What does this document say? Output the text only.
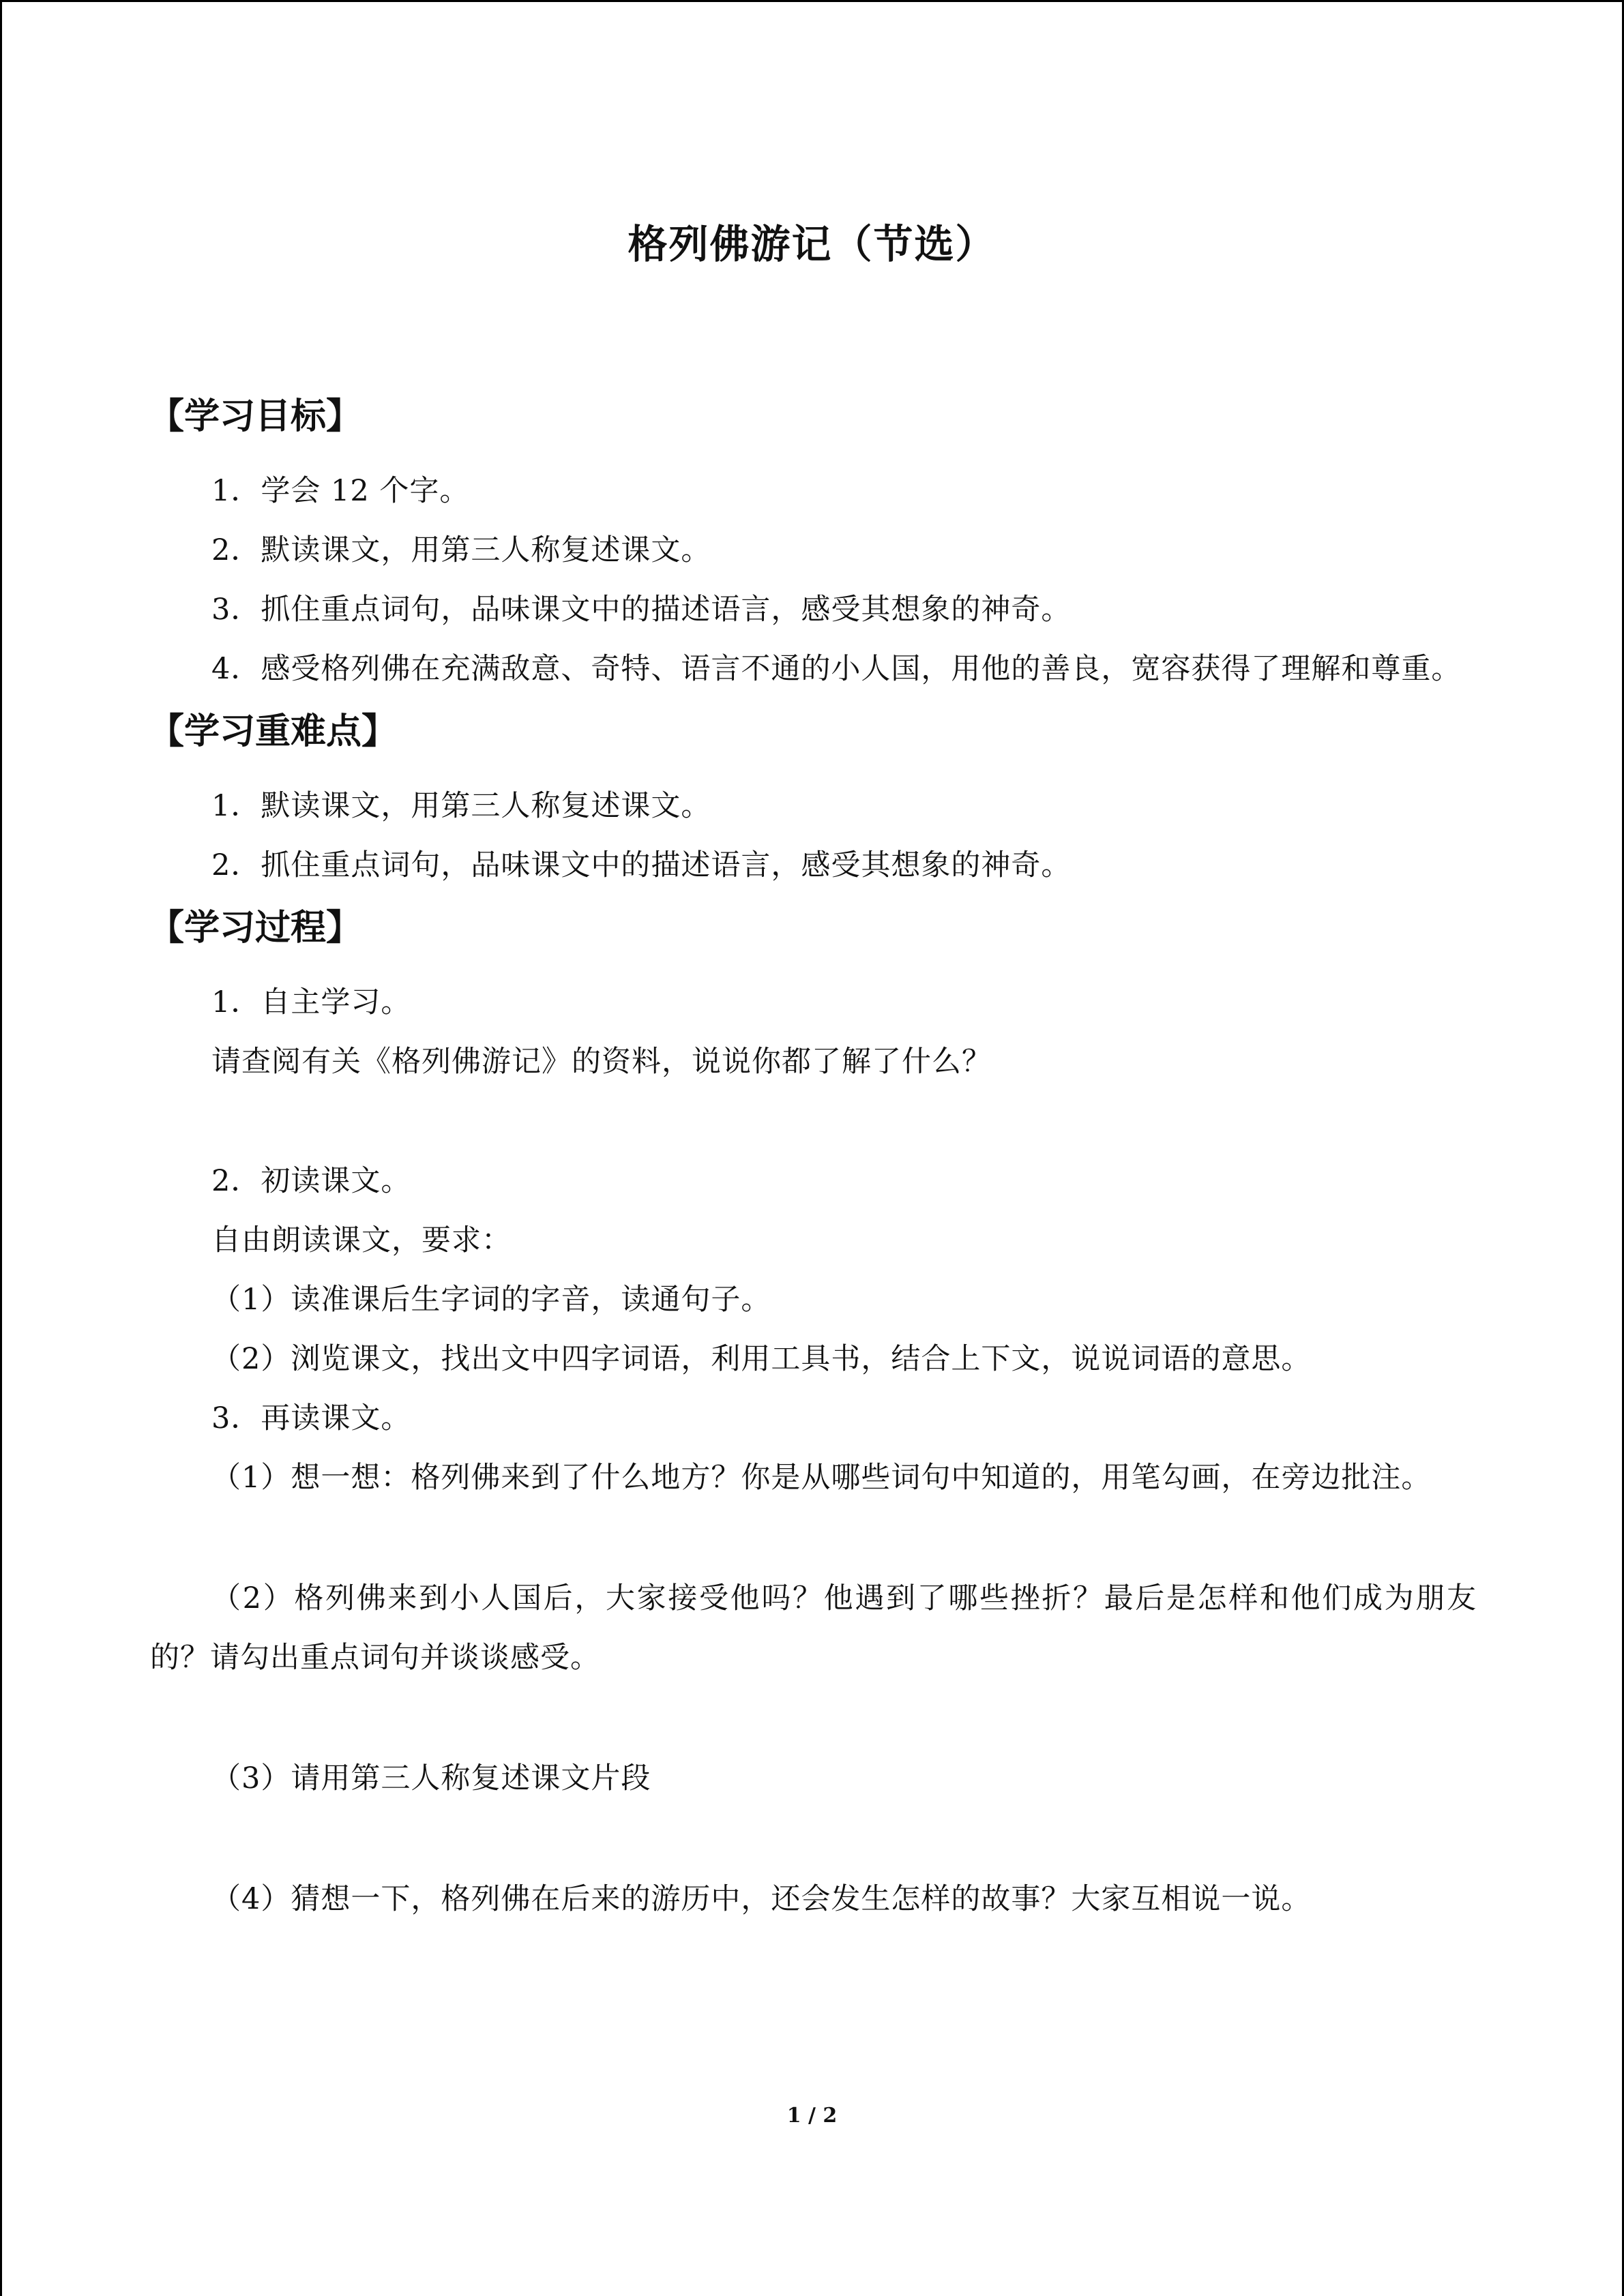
格列佛游记（节选）
【学习目标】

1．学会 12 个字。

2．默读课文，用第三人称复述课文。

3．抓住重点词句，品味课文中的描述语言，感受其想象的神奇。

4．感受格列佛在充满敌意、奇特、语言不通的小人国，用他的善良，宽容获得了理解和尊重。

【学习重难点】

1．默读课文，用第三人称复述课文。

2．抓住重点词句，品味课文中的描述语言，感受其想象的神奇。

【学习过程】

1．自主学习。

请查阅有关《格列佛游记》的资料，说说你都了解了什么？

2．初读课文。

自由朗读课文，要求：

（1）读准课后生字词的字音，读通句子。

（2）浏览课文，找出文中四字词语，利用工具书，结合上下文，说说词语的意思。

3．再读课文。

（1）想一想：格列佛来到了什么地方？你是从哪些词句中知道的，用笔勾画，在旁边批注。

（2）格列佛来到小人国后，大家接受他吗？他遇到了哪些挫折？最后是怎样和他们成为朋友的？请勾出重点词句并谈谈感受。

（3）请用第三人称复述课文片段

（4）猜想一下，格列佛在后来的游历中，还会发生怎样的故事？大家互相说一说。

1 / 2
